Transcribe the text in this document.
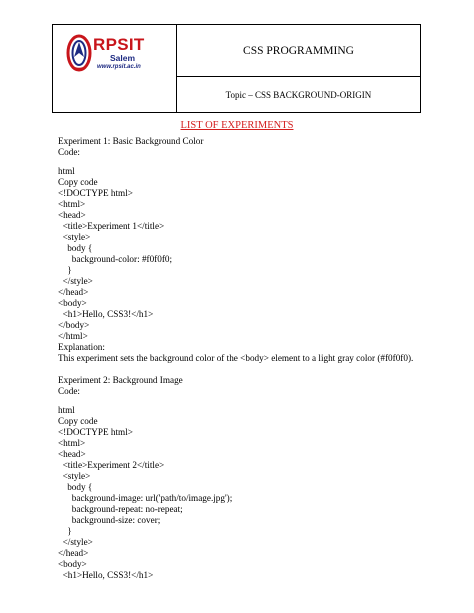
RPSIT
Salem
www.rpsit.ac.in
CSS PROGRAMMING
Topic – CSS BACKGROUND-ORIGIN
LIST OF EXPERIMENTS
Experiment 1: Basic Background Color
Code:
html
Copy code
<!DOCTYPE html>
<html>
<head>
<title>Experiment 1</title>
<style>
body {
background-color: #f0f0f0;
}
</style>
</head>
<body>
<h1>Hello, CSS3!</h1>
</body>
</html>
Explanation:
This experiment sets the background color of the <body> element to a light gray color (#f0f0f0).
Experiment 2: Background Image
Code:
html
Copy code
<!DOCTYPE html>
<html>
<head>
<title>Experiment 2</title>
<style>
body {
background-image: url('path/to/image.jpg');
background-repeat: no-repeat;
background-size: cover;
}
</style>
</head>
<body>
<h1>Hello, CSS3!</h1>
